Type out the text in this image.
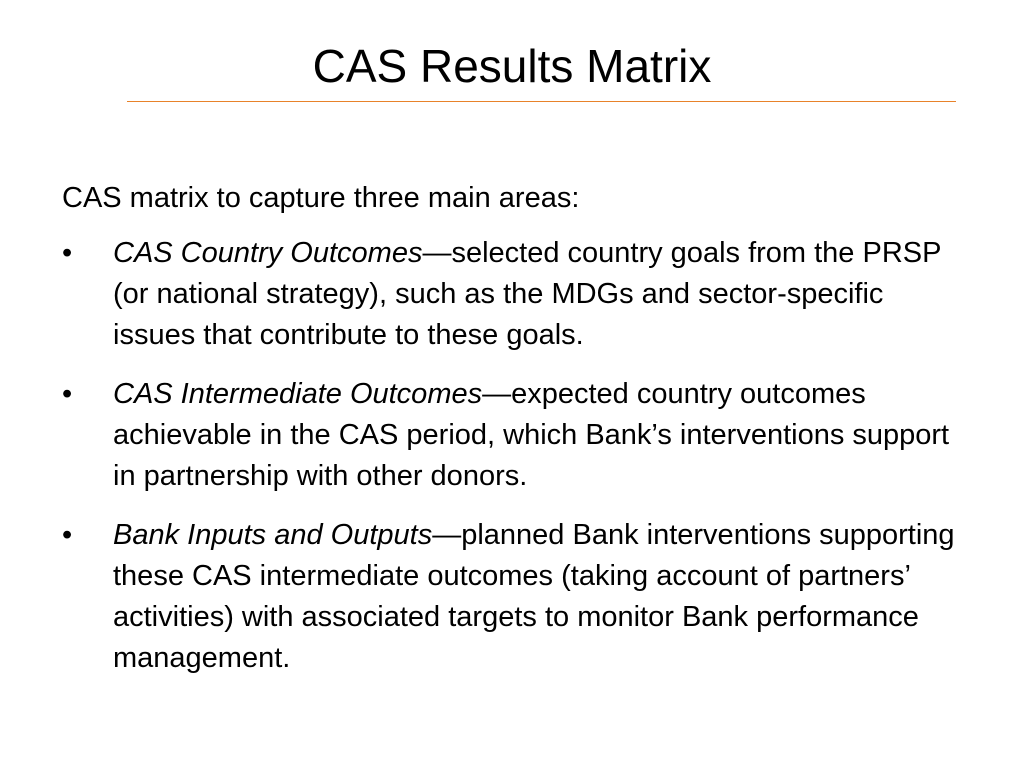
CAS Results Matrix

CAS matrix to capture three main areas:

• CAS Country Outcomes—selected country goals from the PRSP (or national strategy), such as the MDGs and sector-specific issues that contribute to these goals.
• CAS Intermediate Outcomes—expected country outcomes achievable in the CAS period, which Bank’s interventions support in partnership with other donors.
• Bank Inputs and Outputs—planned Bank interventions supporting these CAS intermediate outcomes (taking account of partners’ activities) with associated targets to monitor Bank performance management.
